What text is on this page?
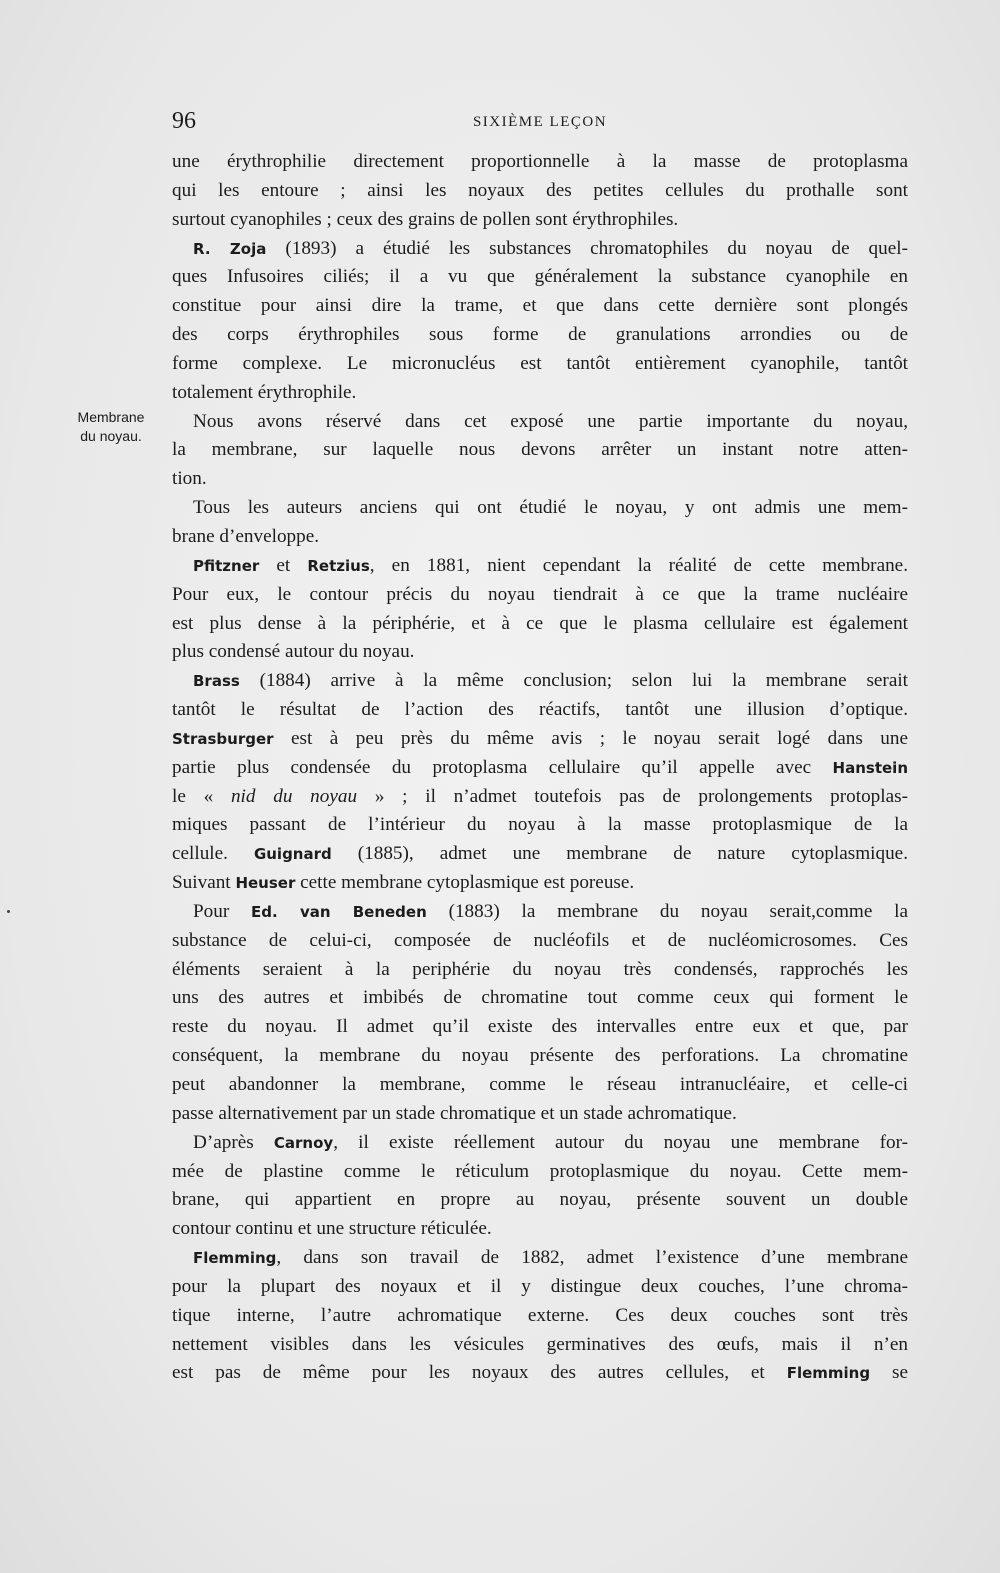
96	SIXIÈME LEÇON
Membrane
du noyau.

une érythrophilie directement proportionnelle à la masse de protoplasma
qui les entoure ; ainsi les noyaux des petites cellules du prothalle sont
surtout cyanophiles ; ceux des grains de pollen sont érythrophiles.

R. Zoja (1893) a étudié les substances chromatophiles du noyau de quel-
ques Infusoires ciliés; il a vu que généralement la substance cyanophile en
constitue pour ainsi dire la trame, et que dans cette dernière sont plongés
des corps érythrophiles sous forme de granulations arrondies ou de
forme complexe. Le micronucléus est tantôt entièrement cyanophile, tantôt
totalement érythrophile.

Nous avons réservé dans cet exposé une partie importante du noyau,
la membrane, sur laquelle nous devons arrêter un instant notre atten-
tion.

Tous les auteurs anciens qui ont étudié le noyau, y ont admis une mem-
brane d’enveloppe.

Pfitzner et Retzius, en 1881, nient cependant la réalité de cette membrane.
Pour eux, le contour précis du noyau tiendrait à ce que la trame nucléaire
est plus dense à la périphérie, et à ce que le plasma cellulaire est également
plus condensé autour du noyau.

Brass (1884) arrive à la même conclusion; selon lui la membrane serait
tantôt le résultat de l’action des réactifs, tantôt une illusion d’optique.
Strasburger est à peu près du même avis ; le noyau serait logé dans une
partie plus condensée du protoplasma cellulaire qu’il appelle avec Hanstein
le « nid du noyau » ; il n’admet toutefois pas de prolongements protoplas-
miques passant de l’intérieur du noyau à la masse protoplasmique de la
cellule. Guignard (1885), admet une membrane de nature cytoplasmique.
Suivant Heuser cette membrane cytoplasmique est poreuse.

Pour Ed. van Beneden (1883) la membrane du noyau serait,comme la
substance de celui-ci, composée de nucléofils et de nucléomicrosomes. Ces
éléments seraient à la periphérie du noyau très condensés, rapprochés les
uns des autres et imbibés de chromatine tout comme ceux qui forment le
reste du noyau. Il admet qu’il existe des intervalles entre eux et que, par
conséquent, la membrane du noyau présente des perforations. La chromatine
peut abandonner la membrane, comme le réseau intranucléaire, et celle-ci
passe alternativement par un stade chromatique et un stade achromatique.

D’après Carnoy, il existe réellement autour du noyau une membrane for-
mée de plastine comme le réticulum protoplasmique du noyau. Cette mem-
brane, qui appartient en propre au noyau, présente souvent un double
contour continu et une structure réticulée.

Flemming, dans son travail de 1882, admet l’existence d’une membrane
pour la plupart des noyaux et il y distingue deux couches, l’une chroma-
tique interne, l’autre achromatique externe. Ces deux couches sont très
nettement visibles dans les vésicules germinatives des œufs, mais il n’en
est pas de même pour les noyaux des autres cellules, et Flemming se
